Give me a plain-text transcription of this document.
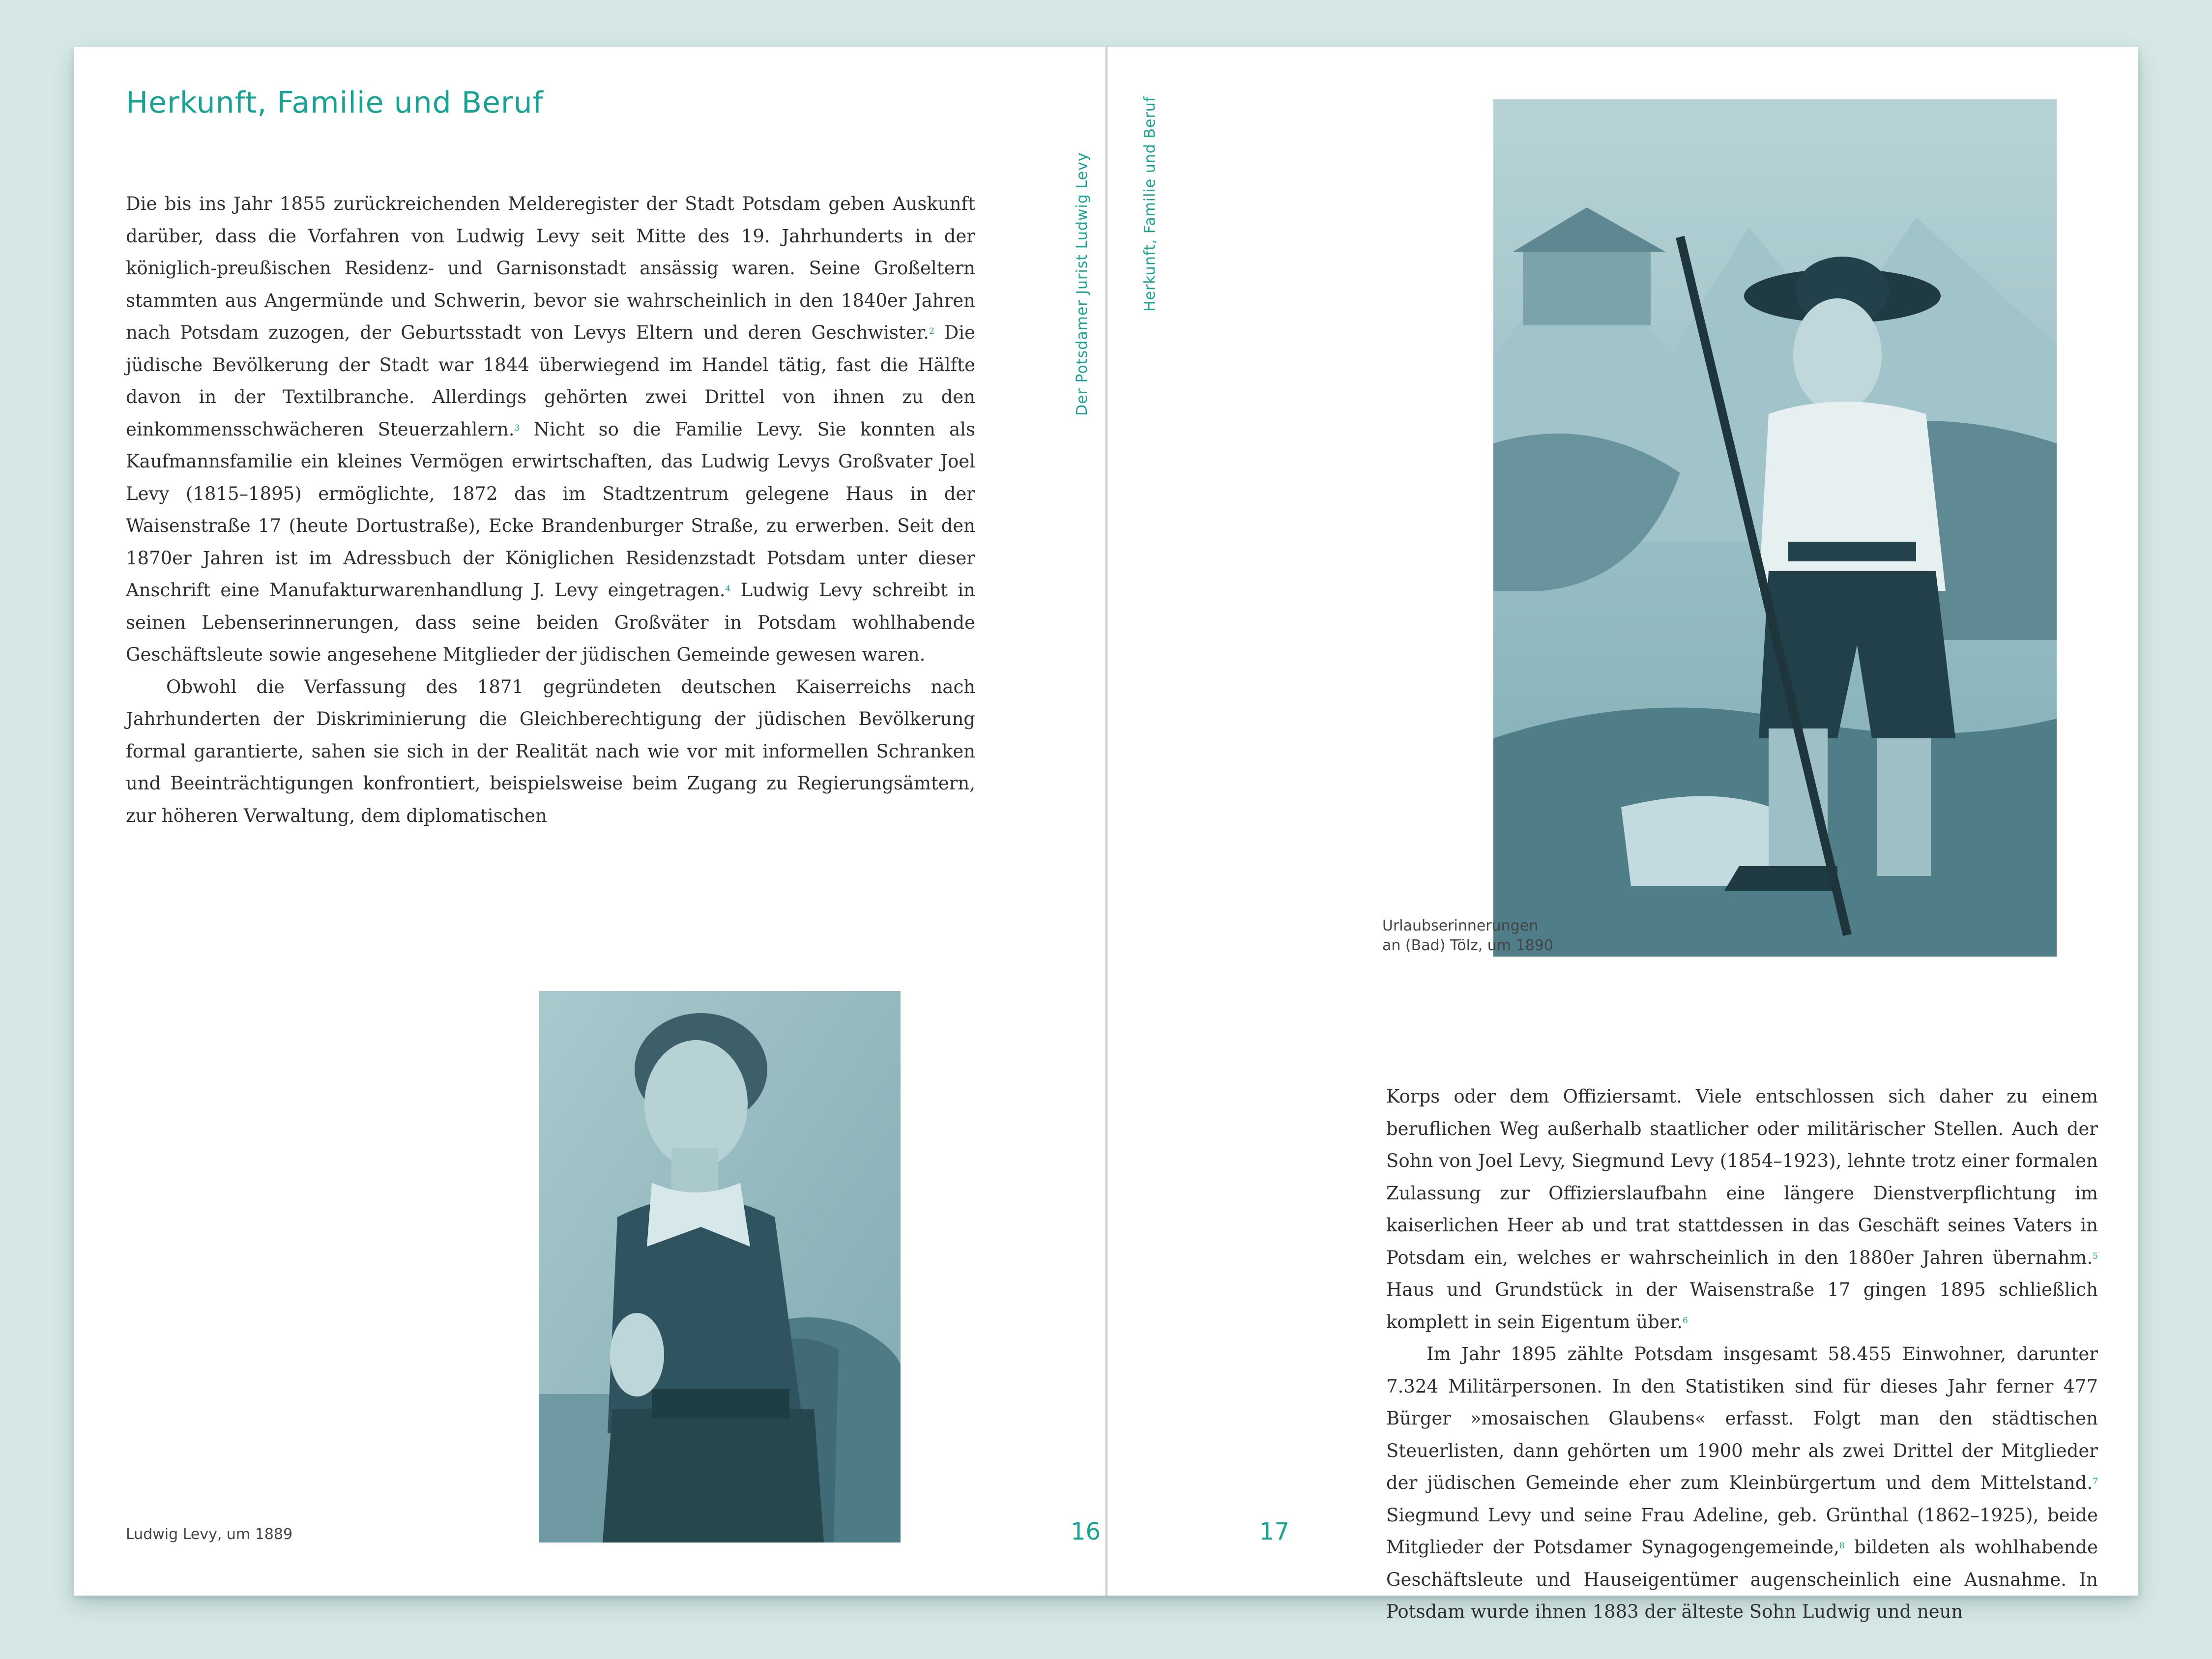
Herkunft, Familie und Beruf
Der Potsdamer Jurist Ludwig Levy

Die bis ins Jahr 1855 zurückreichenden Melderegister der Stadt Potsdam geben Auskunft darüber, dass die Vorfahren von Ludwig Levy seit Mitte des 19. Jahrhunderts in der königlich-preußischen Residenz- und Garnisonstadt ansässig waren. Seine Großeltern stammten aus Angermünde und Schwerin, bevor sie wahrscheinlich in den 1840er Jahren nach Potsdam zuzogen, der Geburtsstadt von Levys Eltern und deren Geschwister.$^2$ Die jüdische Bevölkerung der Stadt war 1844 überwiegend im Handel tätig, fast die Hälfte davon in der Textilbranche. Allerdings gehörten zwei Drittel von ihnen zu den einkommensschwächeren Steuerzahlern.$^3$ Nicht so die Familie Levy. Sie konnten als Kaufmannsfamilie ein kleines Vermögen erwirtschaften, das Ludwig Levys Großvater Joel Levy (1815–1895) ermöglichte, 1872 das im Stadtzentrum gelegene Haus in der Waisenstraße 17 (heute Dortustraße), Ecke Brandenburger Straße, zu erwerben. Seit den 1870er Jahren ist im Adressbuch der Königlichen Residenzstadt Potsdam unter dieser Anschrift eine Manufakturwarenhandlung J. Levy eingetragen.$^4$ Ludwig Levy schreibt in seinen Lebenserinnerungen, dass seine beiden Großväter in Potsdam wohlhabende Geschäftsleute sowie angesehene Mitglieder der jüdischen Gemeinde gewesen waren.

Obwohl die Verfassung des 1871 gegründeten deutschen Kaiserreichs nach Jahrhunderten der Diskriminierung die Gleichberechtigung der jüdischen Bevölkerung formal garantierte, sahen sie sich in der Realität nach wie vor mit informellen Schranken und Beeinträchtigungen konfrontiert, beispielsweise beim Zugang zu Regierungsämtern, zur höheren Verwaltung, dem diplomatischen

Ludwig Levy, um 1889	16
Herkunft, Familie und Beruf
Urlaubserinnerungen
an (Bad) Tölz, um 1890

Korps oder dem Offiziersamt. Viele entschlossen sich daher zu einem beruflichen Weg außerhalb staatlicher oder militärischer Stellen. Auch der Sohn von Joel Levy, Siegmund Levy (1854–1923), lehnte trotz einer formalen Zulassung zur Offizierslaufbahn eine längere Dienstverpflichtung im kaiserlichen Heer ab und trat stattdessen in das Geschäft seines Vaters in Potsdam ein, welches er wahrscheinlich in den 1880er Jahren übernahm.$^5$ Haus und Grundstück in der Waisenstraße 17 gingen 1895 schließlich komplett in sein Eigentum über.$^6$

Im Jahr 1895 zählte Potsdam insgesamt 58.455 Einwohner, darunter 7.324 Militärpersonen. In den Statistiken sind für dieses Jahr ferner 477 Bürger »mosaischen Glaubens« erfasst. Folgt man den städtischen Steuerlisten, dann gehörten um 1900 mehr als zwei Drittel der Mitglieder der jüdischen Gemeinde eher zum Kleinbürgertum und dem Mittelstand.$^7$ Siegmund Levy und seine Frau Adeline, geb. Grünthal (1862–1925), beide Mitglieder der Potsdamer Synagogengemeinde,$^8$ bildeten als wohlhabende Geschäftsleute und Hauseigentümer augenscheinlich eine Ausnahme. In Potsdam wurde ihnen 1883 der älteste Sohn Ludwig und neun

17
